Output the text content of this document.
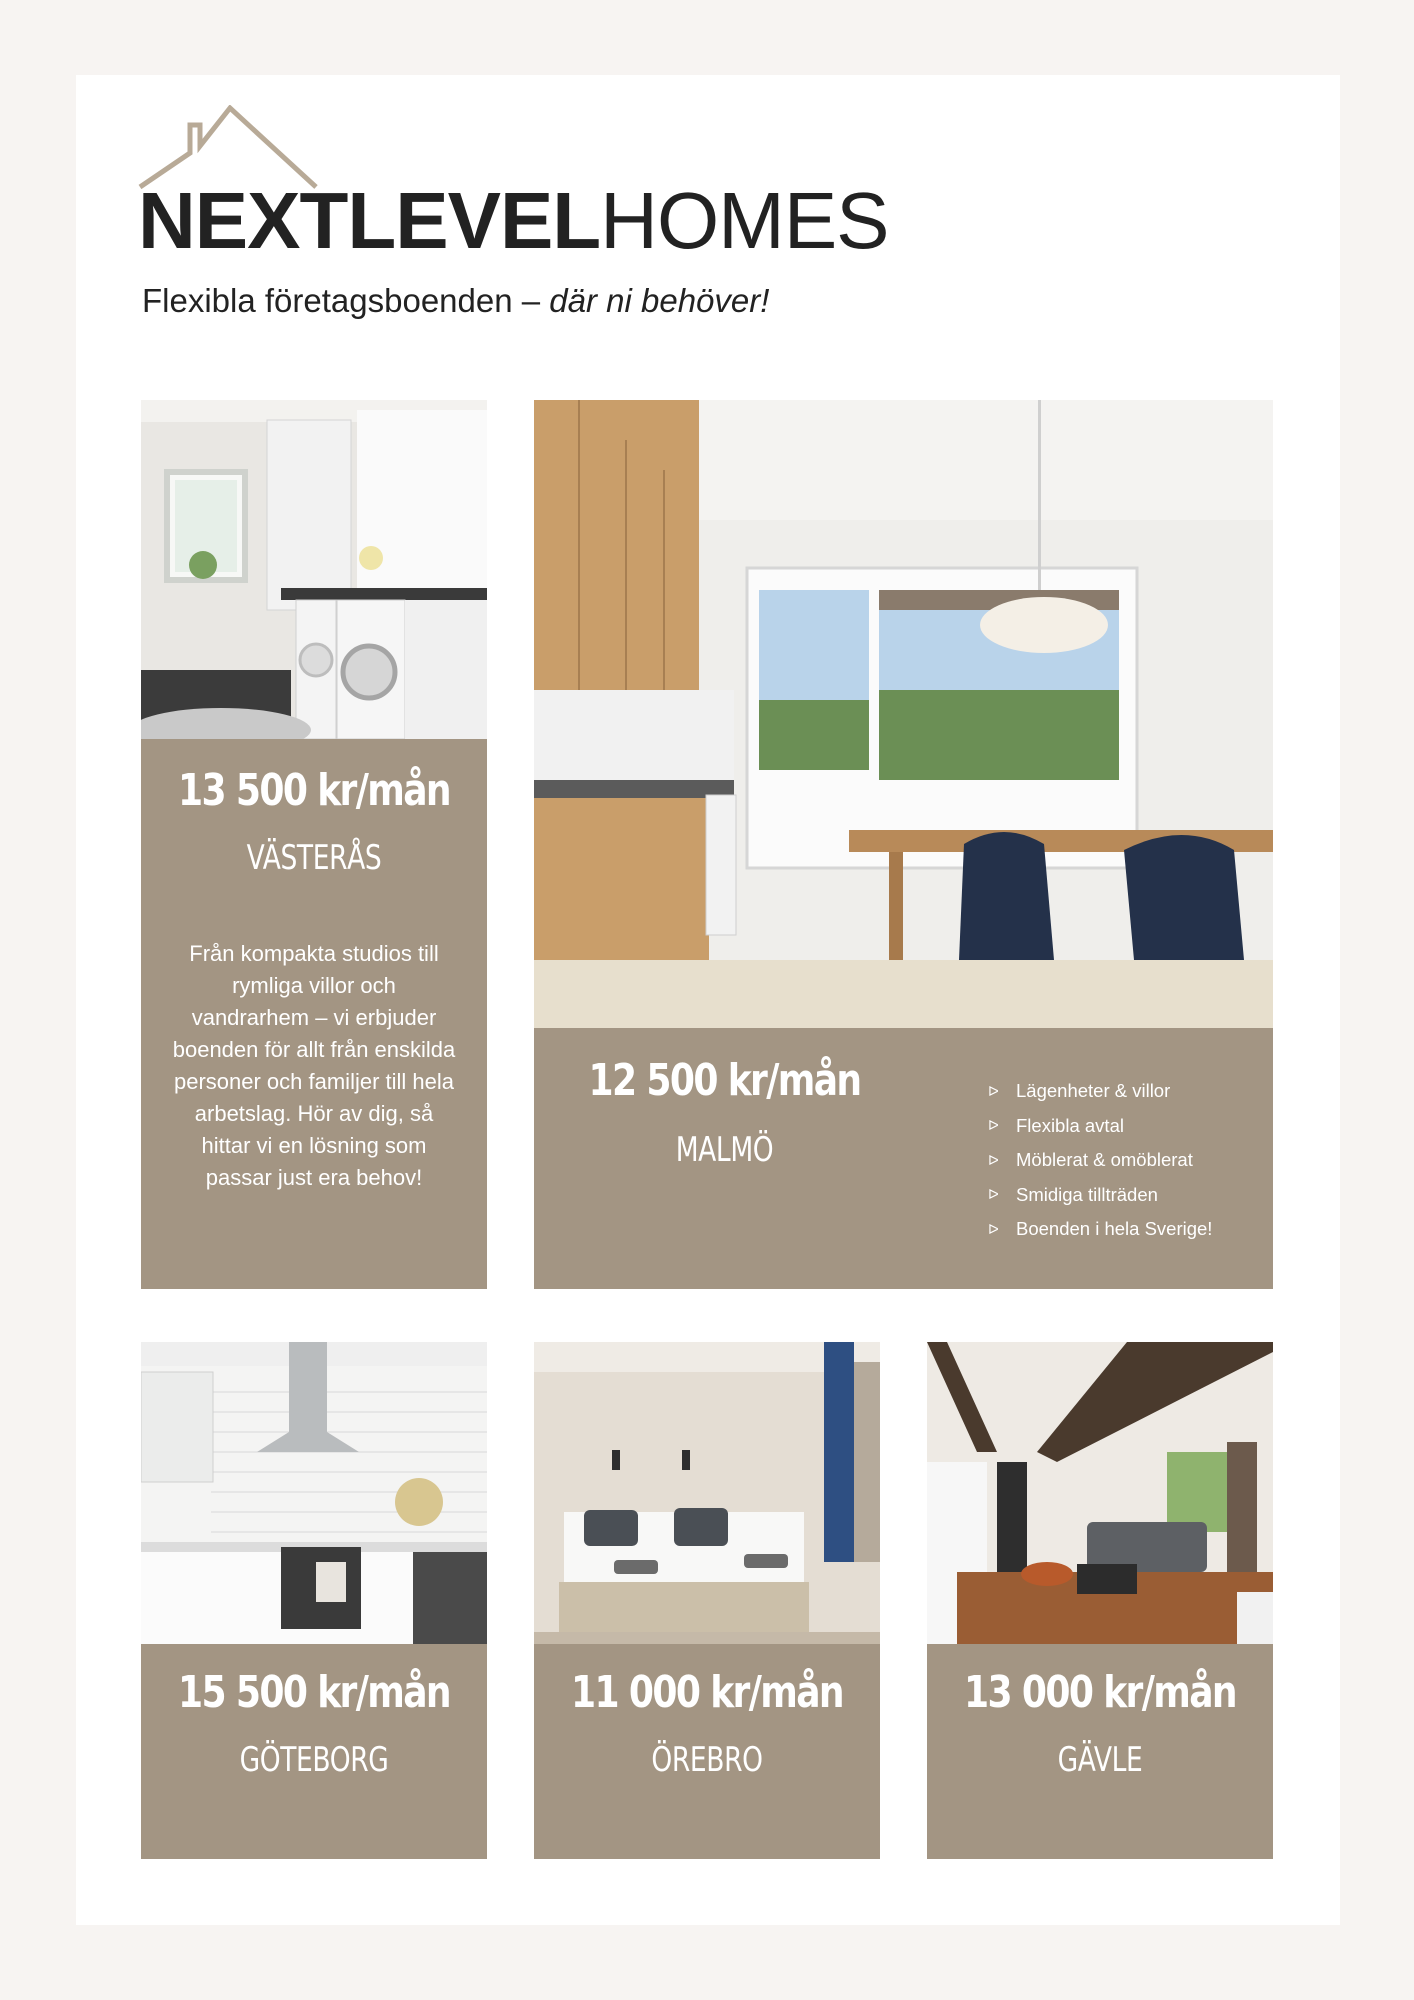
NEXTLEVELHOMES
Flexibla företagsboenden – där ni behöver!
13 500 kr/mån
VÄSTERÅS
Från kompakta studios till rymliga villor och vandrarhem – vi erbjuder boenden för allt från enskilda personer och familjer till hela arbetslag. Hör av dig, så hittar vi en lösning som passar just era behov!
12 500 kr/mån
MALMÖ
ᐅ Lägenheter & villor
ᐅ Flexibla avtal
ᐅ Möblerat & omöblerat
ᐅ Smidiga tillträden
ᐅ Boenden i hela Sverige!
15 500 kr/mån
GÖTEBORG
11 000 kr/mån
ÖREBRO
13 000 kr/mån
GÄVLE
